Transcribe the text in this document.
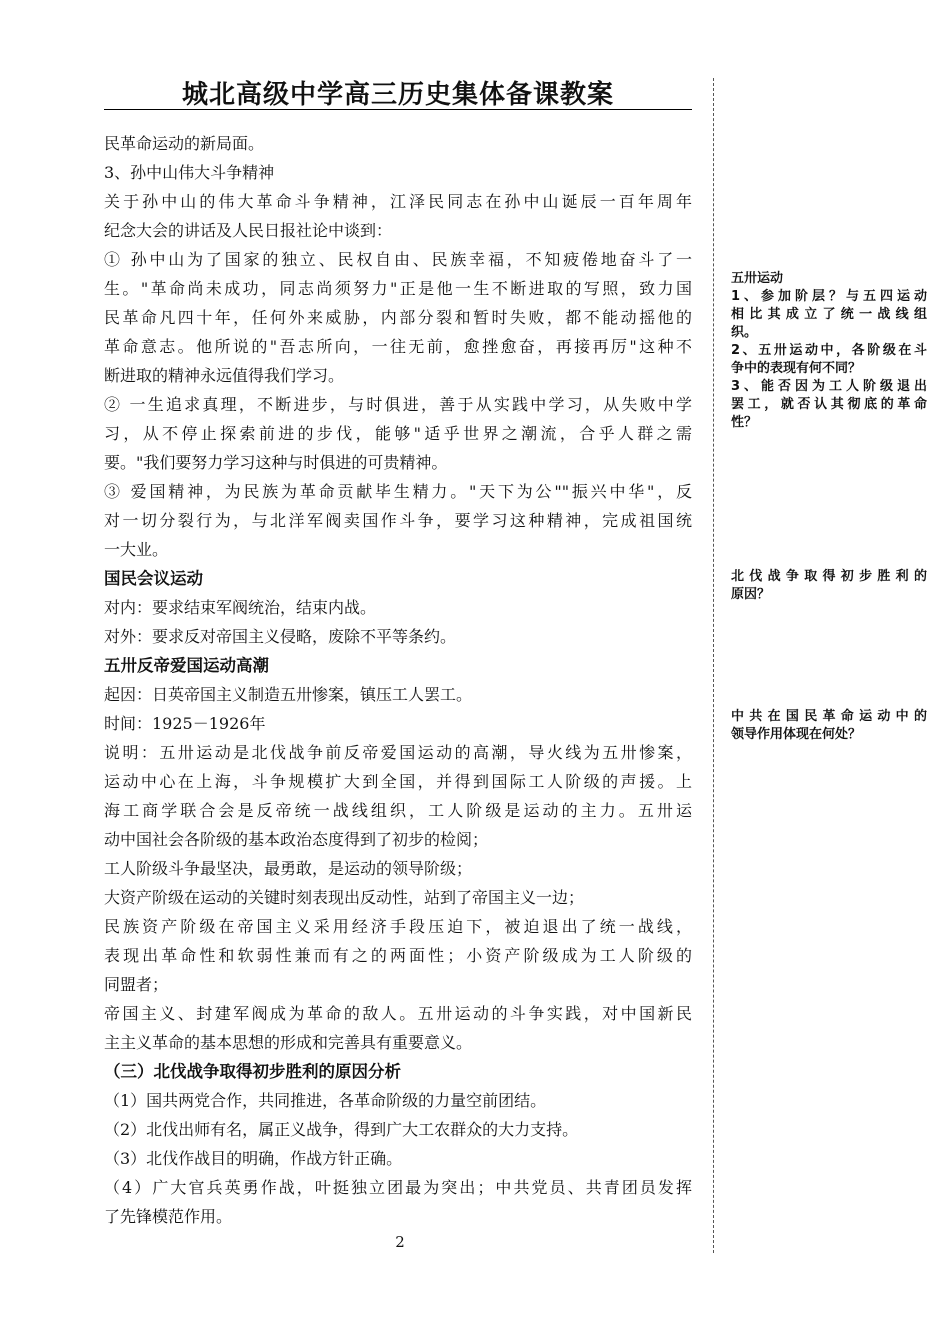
城北高级中学高三历史集体备课教案
民革命运动的新局面。
3、孙中山伟大斗争精神
关于孙中山的伟大革命斗争精神，江泽民同志在孙中山诞辰一百年周年
纪念大会的讲话及人民日报社论中谈到：
① 孙中山为了国家的独立、民权自由、民族幸福，不知疲倦地奋斗了一
生。"革命尚未成功，同志尚须努力"正是他一生不断进取的写照，致力国
民革命凡四十年，任何外来威胁，内部分裂和暂时失败，都不能动摇他的
革命意志。他所说的"吾志所向，一往无前，愈挫愈奋，再接再厉"这种不
断进取的精神永远值得我们学习。
② 一生追求真理，不断进步，与时俱进，善于从实践中学习，从失败中学
习，从不停止探索前进的步伐，能够"适乎世界之潮流，合乎人群之需
要。"我们要努力学习这种与时俱进的可贵精神。
③ 爱国精神，为民族为革命贡献毕生精力。"天下为公""振兴中华"，反
对一切分裂行为，与北洋军阀卖国作斗争，要学习这种精神，完成祖国统
一大业。
国民会议运动
对内：要求结束军阀统治，结束内战。
对外：要求反对帝国主义侵略，废除不平等条约。
五卅反帝爱国运动高潮
起因：日英帝国主义制造五卅惨案，镇压工人罢工。
时间：1925－1926年
说明：五卅运动是北伐战争前反帝爱国运动的高潮，导火线为五卅惨案，
运动中心在上海，斗争规模扩大到全国，并得到国际工人阶级的声援。上
海工商学联合会是反帝统一战线组织，工人阶级是运动的主力。五卅运
动中国社会各阶级的基本政治态度得到了初步的检阅；
工人阶级斗争最坚决，最勇敢，是运动的领导阶级；
大资产阶级在运动的关键时刻表现出反动性，站到了帝国主义一边；
民族资产阶级在帝国主义采用经济手段压迫下，被迫退出了统一战线，
表现出革命性和软弱性兼而有之的两面性；小资产阶级成为工人阶级的
同盟者；
帝国主义、封建军阀成为革命的敌人。五卅运动的斗争实践，对中国新民
主主义革命的基本思想的形成和完善具有重要意义。
（三）北伐战争取得初步胜利的原因分析
（1）国共两党合作，共同推进，各革命阶级的力量空前团结。
（2）北伐出师有名，属正义战争，得到广大工农群众的大力支持。
（3）北伐作战目的明确，作战方针正确。
（4）广大官兵英勇作战，叶挺独立团最为突出；中共党员、共青团员发挥
了先锋模范作用。
五卅运动
1、参加阶层？与五四运动
相比其成立了统一战线组
织。
2、五卅运动中，各阶级在斗
争中的表现有何不同？
3、能否因为工人阶级退出
罢工，就否认其彻底的革命
性？
北伐战争取得初步胜利的
原因？
中共在国民革命运动中的
领导作用体现在何处？
2
